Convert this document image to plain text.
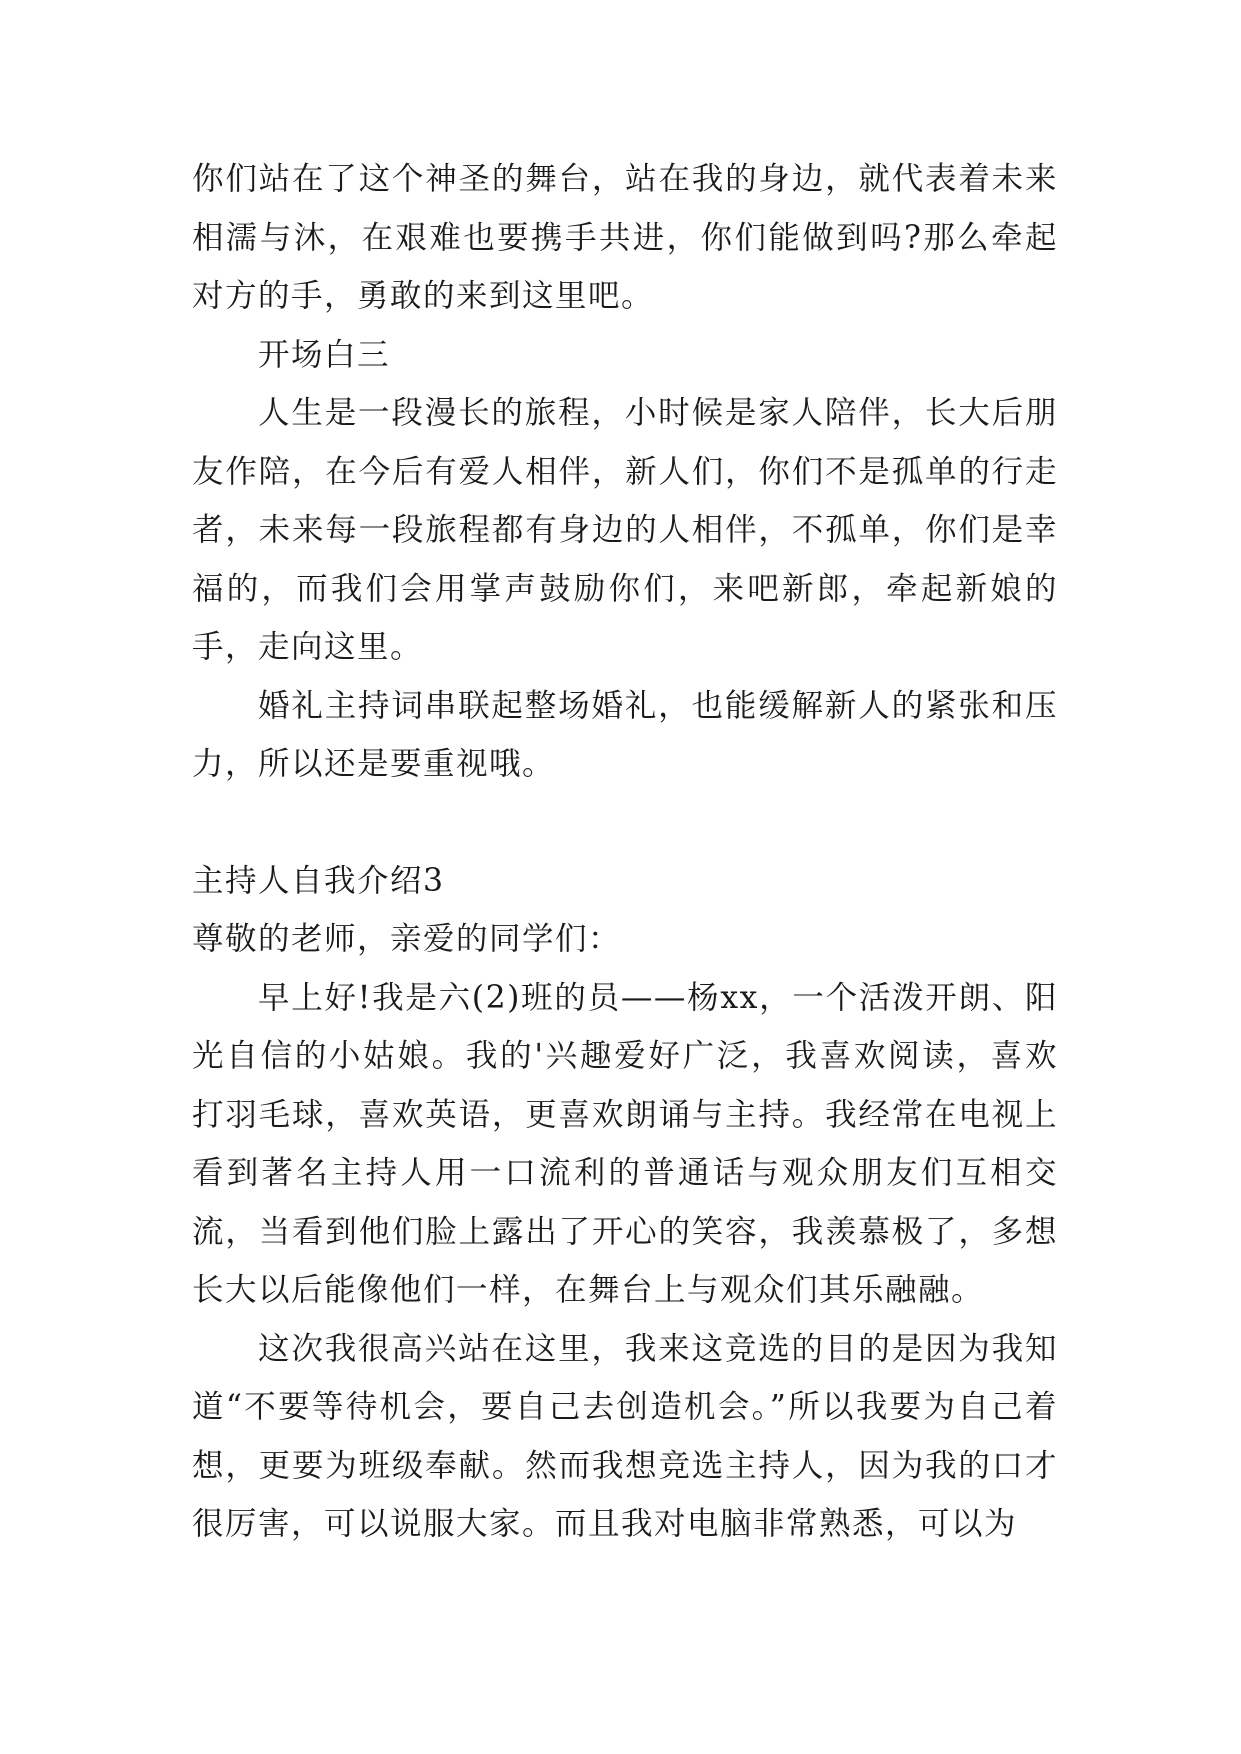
你们站在了这个神圣的舞台，站在我的身边，就代表着未来相濡与沐，在艰难也要携手共进，你们能做到吗?那么牵起对方的手，勇敢的来到这里吧。

开场白三

人生是一段漫长的旅程，小时候是家人陪伴，长大后朋友作陪，在今后有爱人相伴，新人们，你们不是孤单的行走者，未来每一段旅程都有身边的人相伴，不孤单，你们是幸福的，而我们会用掌声鼓励你们，来吧新郎，牵起新娘的手，走向这里。

婚礼主持词串联起整场婚礼，也能缓解新人的紧张和压力，所以还是要重视哦。

主持人自我介绍3

尊敬的老师，亲爱的同学们：

早上好!我是六(2)班的员——杨xx，一个活泼开朗、阳光自信的小姑娘。我的'兴趣爱好广泛，我喜欢阅读，喜欢打羽毛球，喜欢英语，更喜欢朗诵与主持。我经常在电视上看到著名主持人用一口流利的普通话与观众朋友们互相交流，当看到他们脸上露出了开心的笑容，我羡慕极了，多想长大以后能像他们一样，在舞台上与观众们其乐融融。

这次我很高兴站在这里，我来这竞选的目的是因为我知道“不要等待机会，要自己去创造机会。”所以我要为自己着想，更要为班级奉献。然而我想竞选主持人，因为我的口才很厉害，可以说服大家。而且我对电脑非常熟悉，可以为
